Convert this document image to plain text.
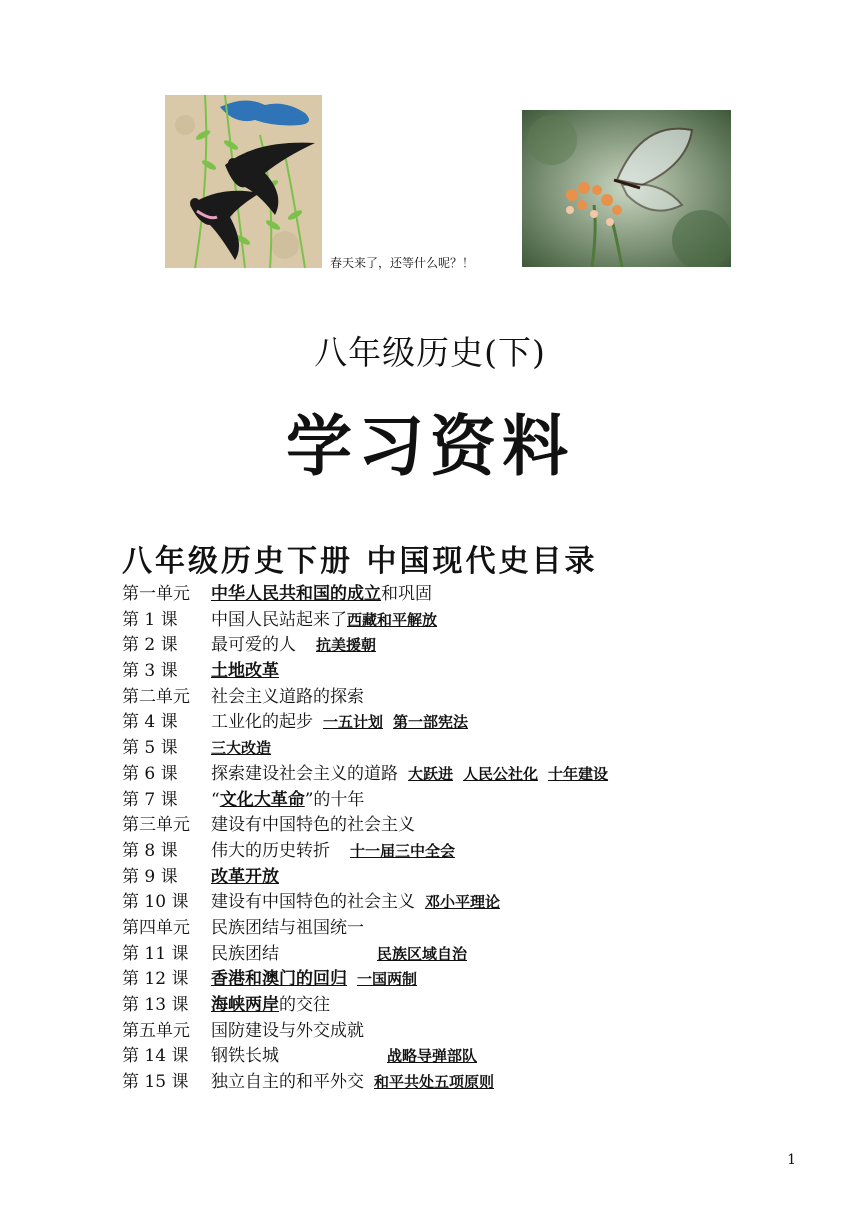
春天来了，还等什么呢？！
八年级历史(下)
学习资料
八年级历史下册 中国现代史目录
第一单元 中华人民共和国的成立和巩固
第 1 课 中国人民站起来了西藏和平解放
第 2 课 最可爱的人 抗美援朝
第 3 课 土地改革
第二单元 社会主义道路的探索
第 4 课 工业化的起步 一五计划 第一部宪法
第 5 课 三大改造
第 6 课 探索建设社会主义的道路 大跃进 人民公社化 十年建设
第 7 课 “文化大革命”的十年
第三单元 建设有中国特色的社会主义
第 8 课 伟大的历史转折 十一届三中全会
第 9 课 改革开放
第 10 课 建设有中国特色的社会主义 邓小平理论
第四单元 民族团结与祖国统一
第 11 课 民族团结	民族区域自治
第 12 课 香港和澳门的回归 一国两制
第 13 课 海峡两岸的交往
第五单元 国防建设与外交成就
第 14 课 钢铁长城	战略导弹部队
第 15 课 独立自主的和平外交 和平共处五项原则
1
